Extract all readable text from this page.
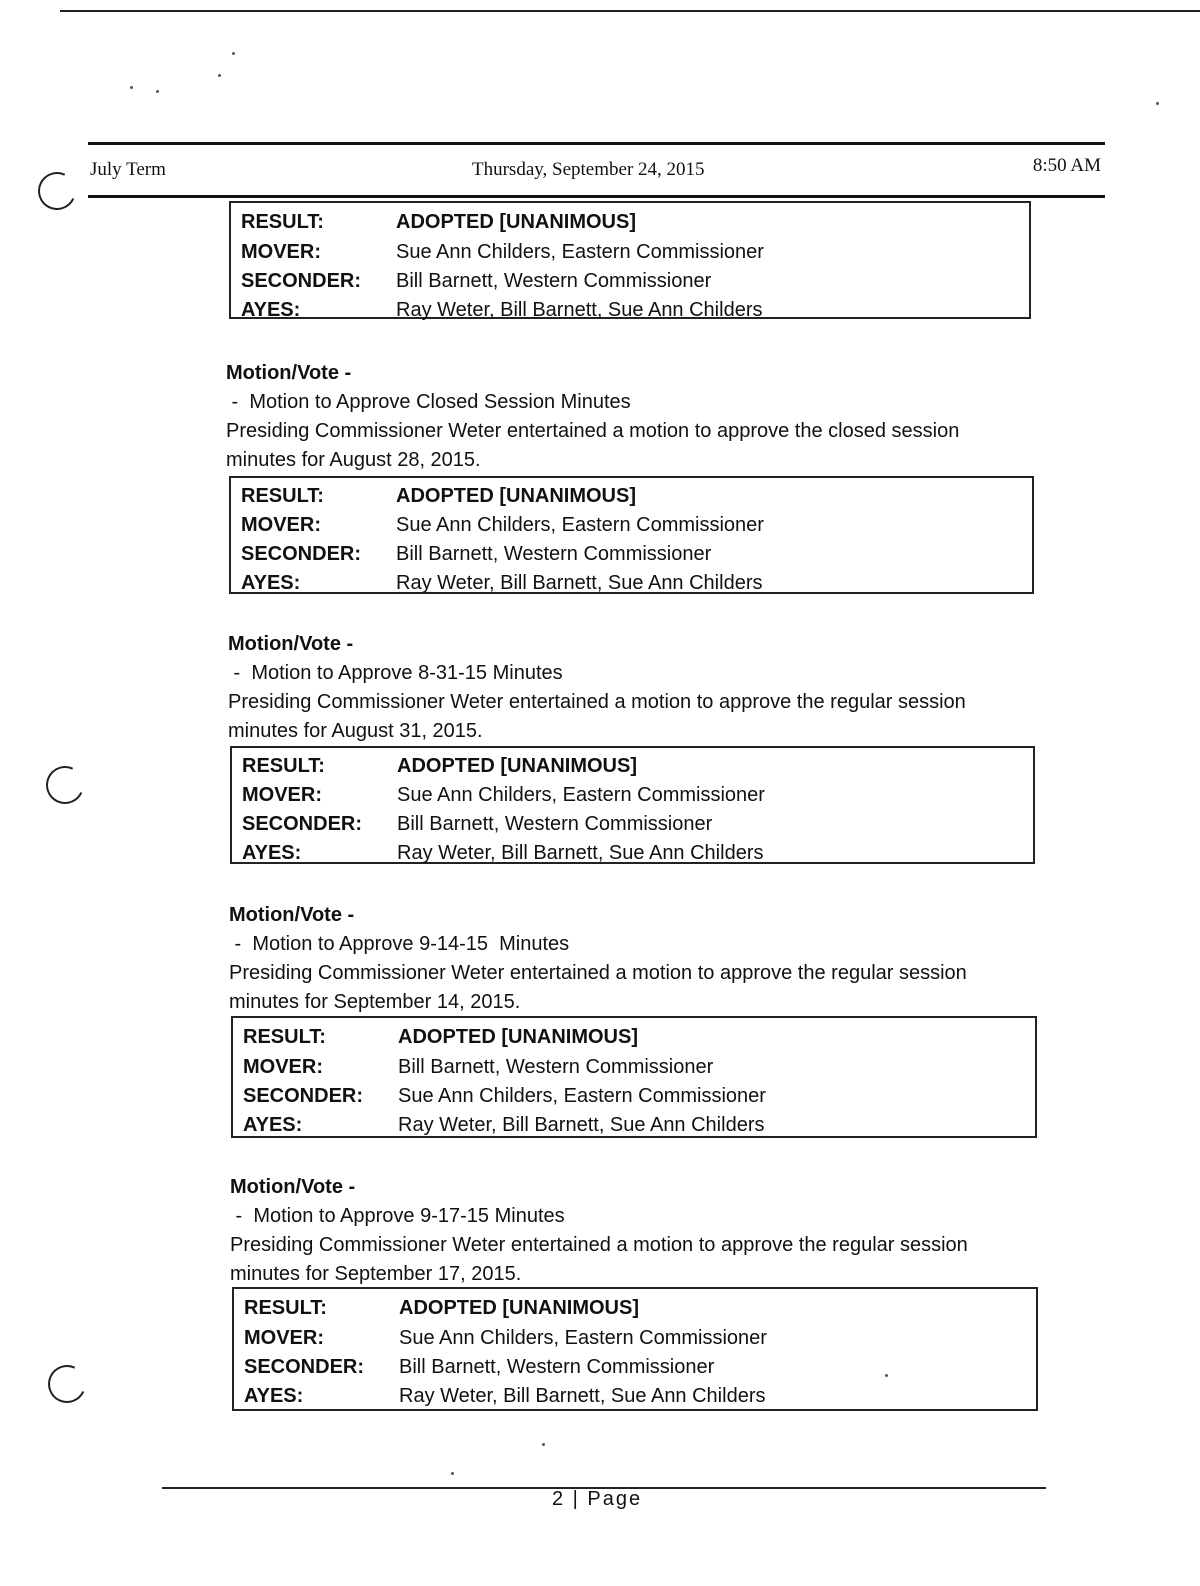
July Term	Thursday, September 24, 2015	8:50 AM
RESULT:	ADOPTED [UNANIMOUS]
MOVER:	Sue Ann Childers, Eastern Commissioner
SECONDER: Bill Barnett, Western Commissioner
AYES:	Ray Weter, Bill Barnett, Sue Ann Childers

Motion/Vote -

-  Motion to Approve Closed Session Minutes

Presiding Commissioner Weter entertained a motion to approve the closed session

minutes for August 28, 2015.

RESULT:	ADOPTED [UNANIMOUS]
MOVER:	Sue Ann Childers, Eastern Commissioner
SECONDER: Bill Barnett, Western Commissioner
AYES:	Ray Weter, Bill Barnett, Sue Ann Childers

Motion/Vote -

-  Motion to Approve 8-31-15 Minutes

Presiding Commissioner Weter entertained a motion to approve the regular session

minutes for August 31, 2015.

RESULT:	ADOPTED [UNANIMOUS]
MOVER:	Sue Ann Childers, Eastern Commissioner
SECONDER: Bill Barnett, Western Commissioner
AYES:	Ray Weter, Bill Barnett, Sue Ann Childers

Motion/Vote -

-  Motion to Approve 9-14-15  Minutes

Presiding Commissioner Weter entertained a motion to approve the regular session

minutes for September 14, 2015.

RESULT:	ADOPTED [UNANIMOUS]
MOVER:	Bill Barnett, Western Commissioner
SECONDER: Sue Ann Childers, Eastern Commissioner
AYES:	Ray Weter, Bill Barnett, Sue Ann Childers

Motion/Vote -

-  Motion to Approve 9-17-15 Minutes

Presiding Commissioner Weter entertained a motion to approve the regular session

minutes for September 17, 2015.

RESULT:	ADOPTED [UNANIMOUS]
MOVER:	Sue Ann Childers, Eastern Commissioner
SECONDER: Bill Barnett, Western Commissioner
AYES:	Ray Weter, Bill Barnett, Sue Ann Childers
2 | Page
